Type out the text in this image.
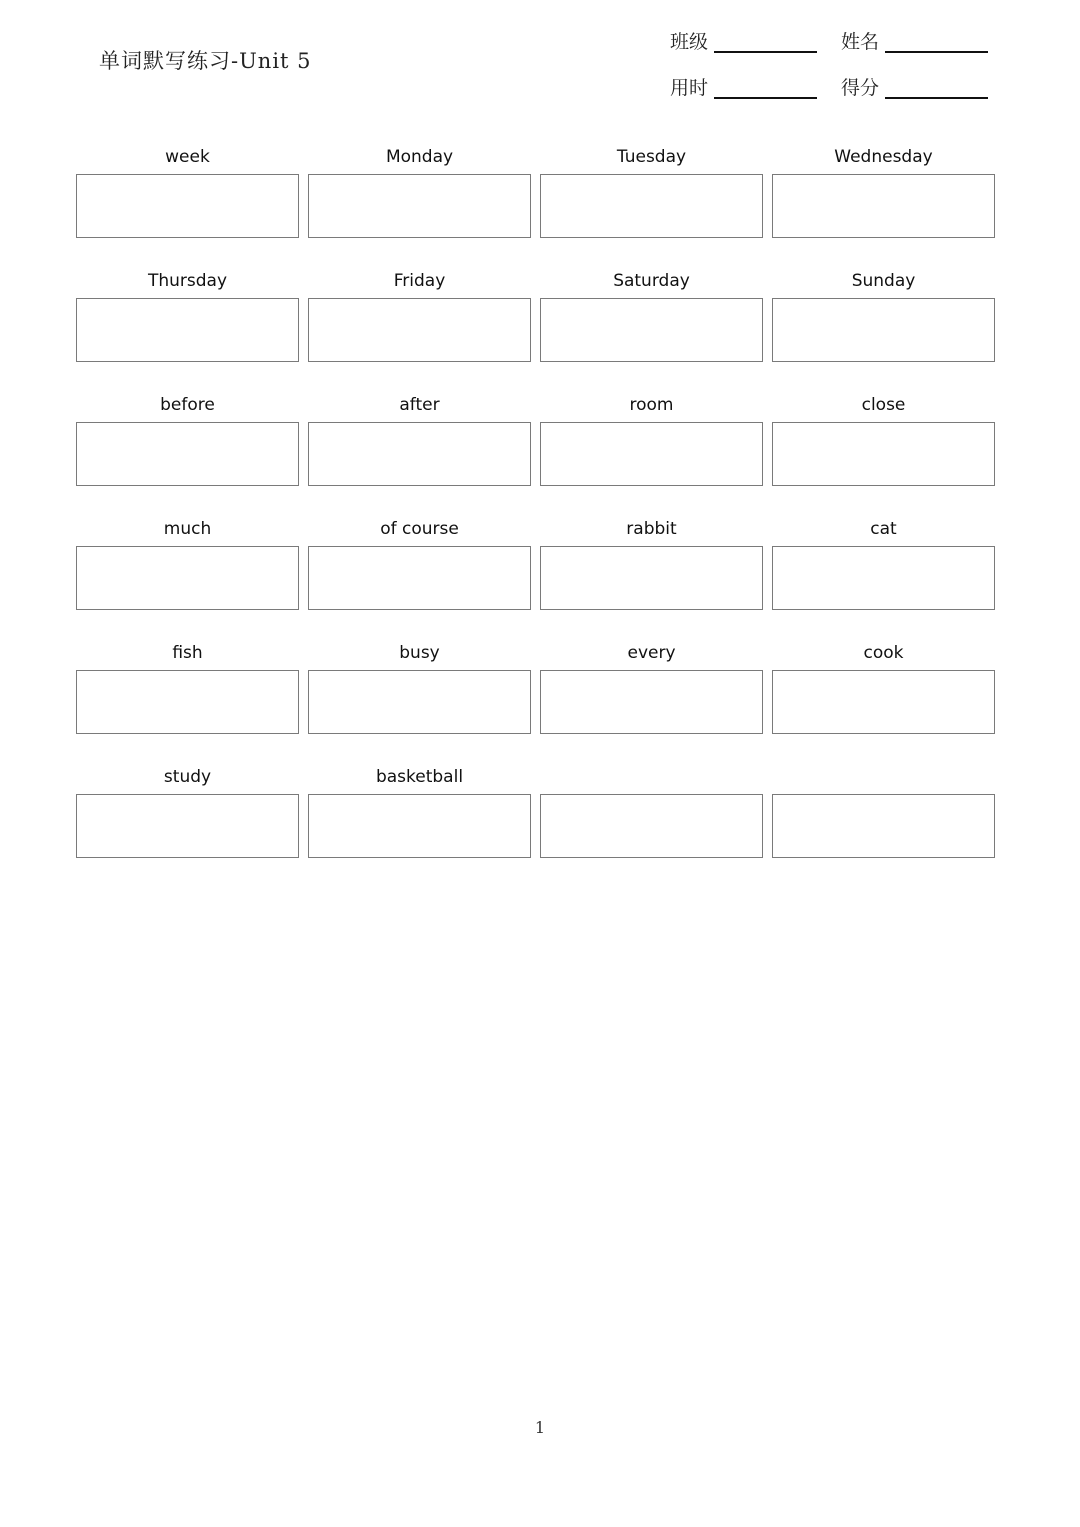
单词默写练习-Unit 5
班级	姓名
用时	得分
week	Monday	Tuesday	Wednesday
Thursday	Friday	Saturday	Sunday
before	after	room	close
much	of course	rabbit	cat
fish	busy	every	cook
study	basketball
1
